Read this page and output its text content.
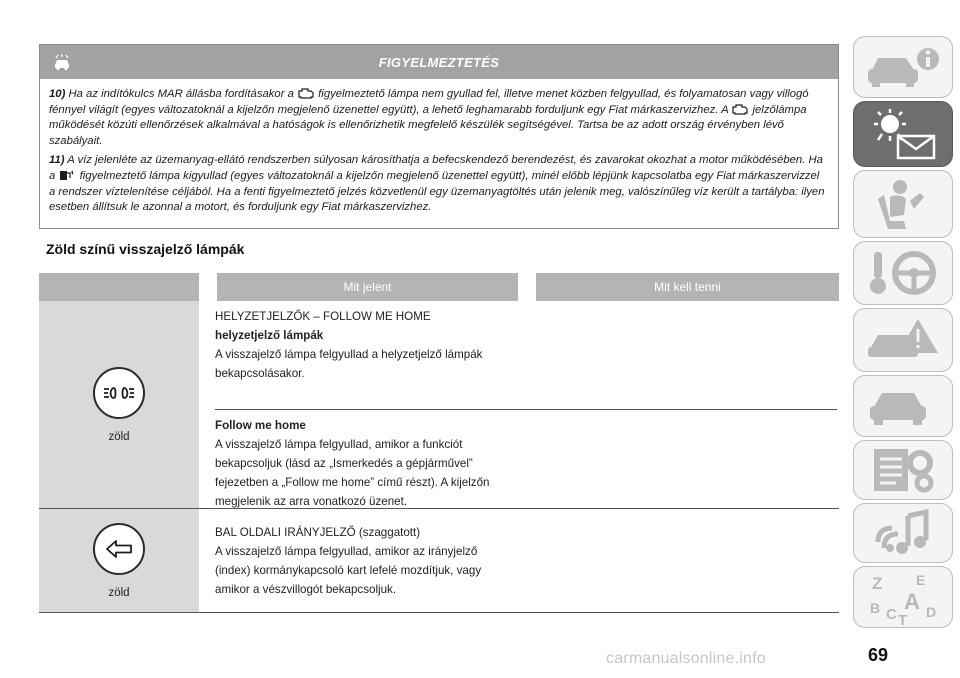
FIGYELMEZTETÉS

10) Ha az indítókulcs MAR állásba fordításakor a figyelmeztető lámpa nem gyullad fel, illetve menet közben felgyullad, és folyamatosan vagy villogó fénnyel világít (egyes változatoknál a kijelzőn megjelenő üzenettel együtt), a lehető leghamarabb forduljunk egy Fiat márkaszervizhez. A jelzőlámpa működését közúti ellenőrzések alkalmával a hatóságok is ellenőrizhetik megfelelő készülék segítségével. Tartsa be az adott ország érvényben lévő szabályait.

11) A víz jelenléte az üzemanyag-ellátó rendszerben súlyosan károsíthatja a befecskendező berendezést, és zavarokat okozhat a motor működésében. Ha a figyelmeztető lámpa kigyullad (egyes változatoknál a kijelzőn megjelenő üzenettel együtt), minél előbb lépjünk kapcsolatba egy Fiat márkaszervizzel a rendszer víztelenítése céljából. Ha a fenti figyelmeztető jelzés közvetlenül egy üzemanyagtöltés után jelenik meg, valószínűleg víz került a tartályba: ilyen esetben állítsuk le azonnal a motort, és forduljunk egy Fiat márkaszervizhez.

Zöld színű visszajelző lámpák
Mit jelent	Mit kell tenni
zöld
HELYZETJELZŐK – FOLLOW ME HOME
helyzetjelző lámpák
A visszajelző lámpa felgyullad a helyzetjelző lámpák
bekapcsolásakor.
Follow me home
A visszajelző lámpa felgyullad, amikor a funkciót
bekapcsoljuk (lásd az „Ismerkedés a gépjárművel”
fejezetben a „Follow me home” című részt). A kijelzőn
megjelenik az arra vonatkozó üzenet.
zöld
BAL OLDALI IRÁNYJELZŐ (szaggatott)
A visszajelző lámpa felgyullad, amikor az irányjelző
(index) kormánykapcsoló kart lefelé mozdítjuk, vagy
amikor a vészvillogót bekapcsoljuk.	Z E
B A
C D
T
69
carmanualsonline.info
